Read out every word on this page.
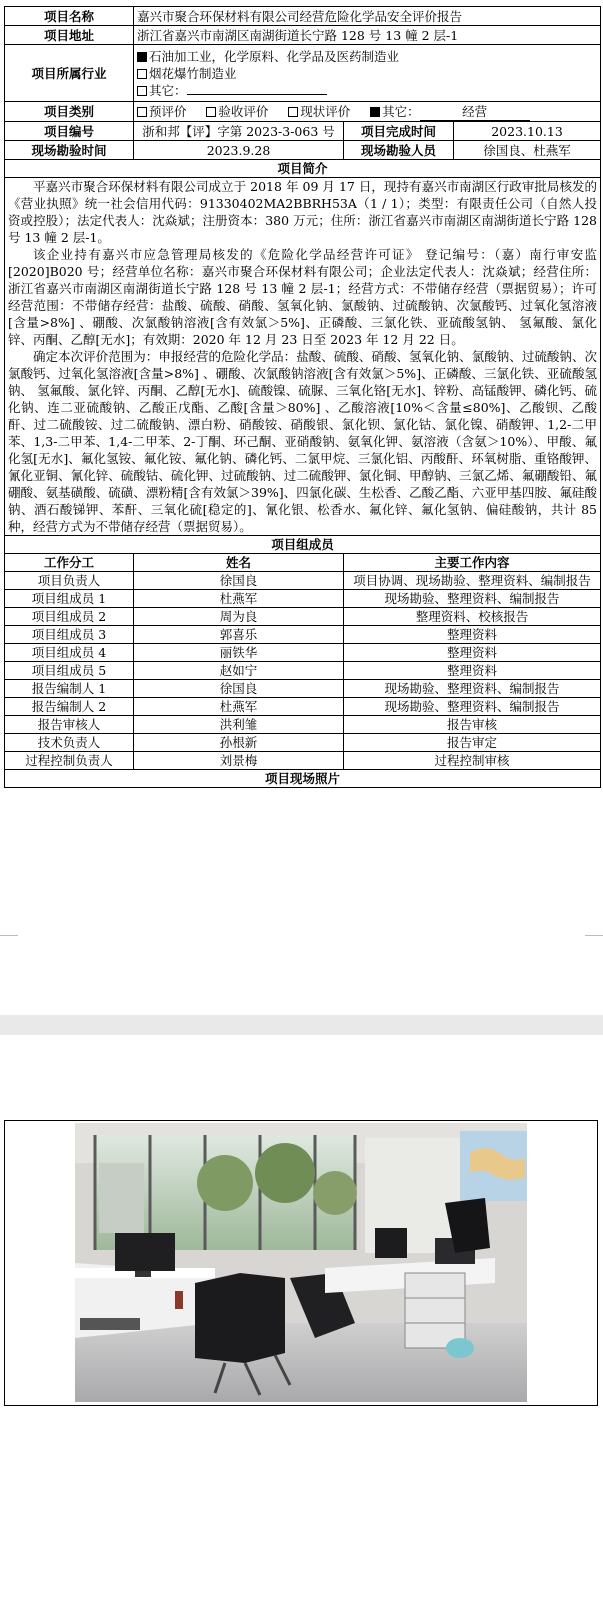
项目名称	嘉兴市聚合环保材料有限公司经营危险化学品安全评价报告		
项目地址	浙江省嘉兴市南湖区南湖街道长宁路 128 号 13 幢 2 层-1		
项目所属行业	石油加工业，化学原料、化学品及医药制造业
烟花爆竹制造业
其它：		

项目类别	预评价 验收评价 现状评价 其它： 经营		
项目编号	浙和邦【评】字第 2023-3-063 号	项目完成时间	2023.10.13
现场勘验时间	2023.9.28	现场勘验人员	徐国良、杜燕军
项目简介			

平嘉兴市聚合环保材料有限公司成立于 2018 年 09 月 17 日，现持有嘉兴市南湖区行政审批局核发的《营业执照》统一社会信用代码：91330402MA2BBRH53A（1 / 1）；类型：有限责任公司（自然人投资或控股）；法定代表人：沈焱斌；注册资本：380 万元；住所：浙江省嘉兴市南湖区南湖街道长宁路 128 号 13 幢 2 层-1。

该企业持有嘉兴市应急管理局核发的《危险化学品经营许可证》 登记编号：（嘉）南行审安监[2020]B020 号；经营单位名称：嘉兴市聚合环保材料有限公司；企业法定代表人：沈焱斌；经营住所：浙江省嘉兴市南湖区南湖街道长宁路 128 号 13 幢 2 层-1；经营方式：不带储存经营（票据贸易）；许可经营范围：不带储存经营：盐酸、硫酸、硝酸、氢氧化钠、氯酸钠、过硫酸钠、次氯酸钙、过氧化氢溶液[含量>8%] 、硼酸、次氯酸钠溶液[含有效氯＞5%]、正磷酸、三氯化铁、亚硫酸氢钠、 氢氟酸、氯化锌、丙酮、乙醇[无水]；有效期：2020 年 12 月 23 日至 2023 年 12 月 22 日。

确定本次评价范围为：申报经营的危险化学品：盐酸、硫酸、硝酸、氢氧化钠、氯酸钠、过硫酸钠、次氯酸钙、过氧化氢溶液[含量>8%] 、硼酸、次氯酸钠溶液[含有效氯＞5%]、正磷酸、三氯化铁、亚硫酸氢钠、 氢氟酸、氯化锌、丙酮、乙醇[无水]、硫酸镍、硫脲、三氧化铬[无水]、锌粉、高锰酸钾、磷化钙、硫化钠、连二亚硫酸钠、乙酸正戊酯、乙酸[含量＞80%] 、乙酸溶液[10%＜含量≤80%]、乙酸钡、乙酸酐、过二硫酸铵、过二硫酸钠、漂白粉、硝酸铵、硝酸银、氯化钡、氯化钴、氯化镍、硝酸钾、1,2-二甲苯、1,3-二甲苯、1,4-二甲苯、2-丁酮、环己酮、亚硝酸钠、氨氧化钾、氨溶液（含氨＞10%）、甲酸、氟化氢[无水]、氟化氢铵、氟化铵、氟化钠、磷化钙、二氯甲烷、三氯化铝、丙酸酐、环氧树脂、重铬酸钾、氰化亚铜、氰化锌、硫酸钴、硫化钾、过硫酸钠、过二硫酸钾、氯化铜、甲醇钠、三氯乙烯、氟硼酸铅、氟硼酸、氨基磺酸、硫磺、漂粉精[含有效氯＞39%]、四氯化碳、生松香、乙酸乙酯、六亚甲基四胺、氟硅酸钠、酒石酸锑钾、苯酐、三氧化硫[稳定的]、氰化银、松香水、氟化锌、氟化氢钠、偏硅酸钠，共计 85 种，经营方式为不带储存经营（票据贸易）。			

项目组成员			
工作分工	姓名	主要工作内容	
项目负责人	徐国良	项目协调、现场勘验、整理资料、编制报告	
项目组成员 1	杜燕军	现场勘验、整理资料、编制报告	
项目组成员 2	周为良	整理资料、校核报告	
项目组成员 3	郭喜乐	整理资料	
项目组成员 4	丽铁华	整理资料	
项目组成员 5	赵如宁	整理资料	
报告编制人 1	徐国良	现场勘验、整理资料、编制报告	
报告编制人 2	杜燕军	现场勘验、整理资料、编制报告	
报告审核人	洪利雏	报告审核	
技术负责人	孙根新	报告审定	
过程控制负责人	刘景梅	过程控制审核	
项目现场照片			
